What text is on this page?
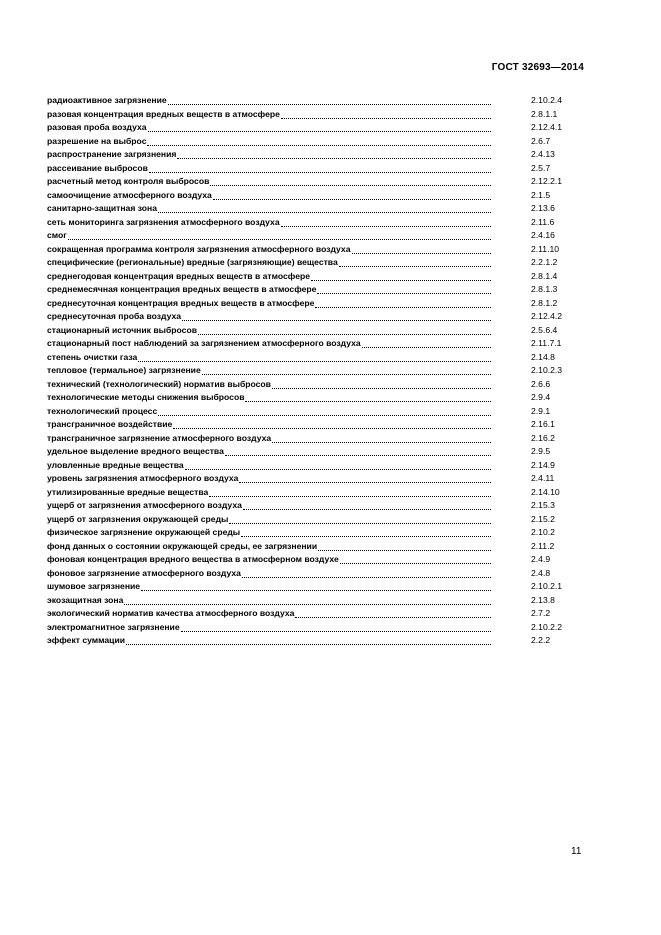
ГОСТ 32693—2014
радиоактивное загрязнение	2.10.2.4
разовая концентрация вредных веществ в атмосфере	2.8.1.1
разовая проба воздуха	2.12.4.1
разрешение на выброс	2.6.7
распространение загрязнения	2.4.13
рассеивание выбросов	2.5.7
расчетный метод контроля выбросов	2.12.2.1
самоочищение атмосферного воздуха	2.1.5
санитарно-защитная зона	2.13.6
сеть мониторинга загрязнения атмосферного воздуха	2.11.6
смог	2.4.16
сокращенная программа контроля загрязнения атмосферного воздуха	2.11.10
специфические (региональные) вредные (загрязняющие) вещества	2.2.1.2
среднегодовая концентрация вредных веществ в атмосфере	2.8.1.4
среднемесячная концентрация вредных веществ в атмосфере	2.8.1.3
среднесуточная концентрация вредных веществ в атмосфере	2.8.1.2
среднесуточная проба воздуха	2.12.4.2
стационарный источник выбросов	2.5.6.4
стационарный пост наблюдений за загрязнением атмосферного воздуха	2.11.7.1
степень очистки газа	2.14.8
тепловое (термальное) загрязнение	2.10.2.3
технический (технологический) норматив выбросов	2.6.6
технологические методы снижения выбросов	2.9.4
технологический процесс	2.9.1
трансграничное воздействие	2.16.1
трансграничное загрязнение атмосферного воздуха	2.16.2
удельное выделение вредного вещества	2.9.5
уловленные вредные вещества	2.14.9
уровень загрязнения атмосферного воздуха	2.4.11
утилизированные вредные вещества	2.14.10
ущерб от загрязнения атмосферного воздуха	2.15.3
ущерб от загрязнения окружающей среды	2.15.2
физическое загрязнение окружающей среды	2.10.2
фонд данных о состоянии окружающей среды, ее загрязнении	2.11.2
фоновая концентрация вредного вещества в атмосферном воздухе	2.4.9
фоновое загрязнение атмосферного воздуха	2.4.8
шумовое загрязнение	2.10.2.1
экозащитная зона	2.13.8
экологический норматив качества атмосферного воздуха	2.7.2
электромагнитное загрязнение	2.10.2.2
эффект суммации	2.2.2
11
